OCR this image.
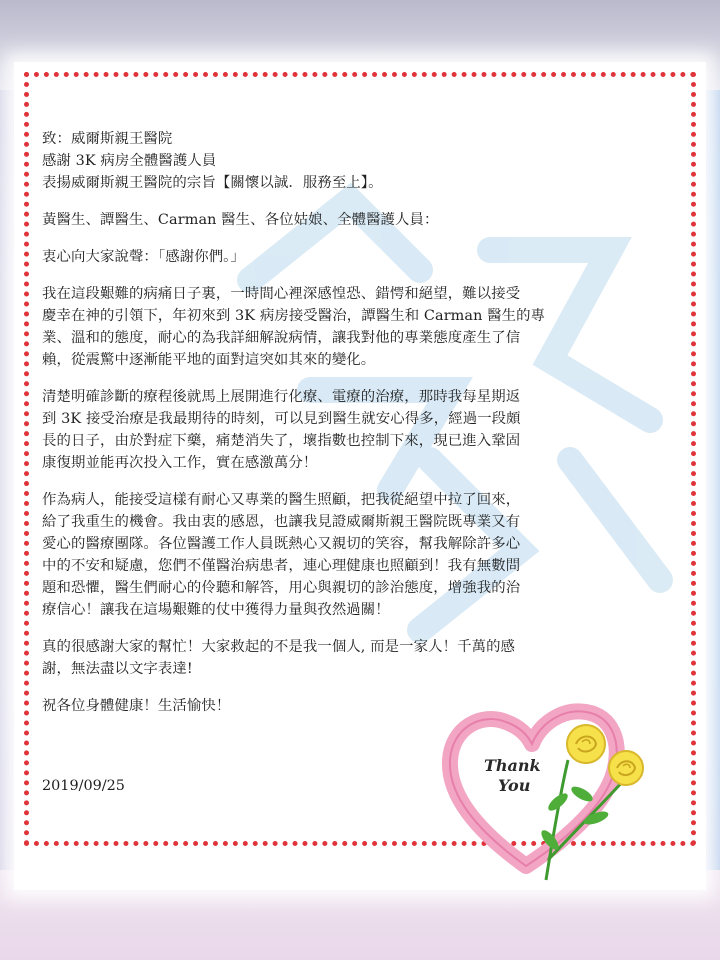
致：威爾斯親王醫院

感謝 3K 病房全體醫護人員

表揚威爾斯親王醫院的宗旨【關懷以誠．服務至上】。

黃醫生、譚醫生、Carman 醫生、各位姑娘、全體醫護人員：

衷心向大家說聲：「感謝你們。」

我在這段艱難的病痛日子裏，一時間心裡深感惶恐、錯愕和絕望，難以接受

慶幸在神的引領下，年初來到 3K 病房接受醫治，譚醫生和 Carman 醫生的專

業、溫和的態度，耐心的為我詳細解說病情，讓我對他的專業態度產生了信

賴，從震驚中逐漸能平地的面對這突如其來的變化。

清楚明確診斷的療程後就馬上展開進行化療、電療的治療，那時我每星期返

到 3K 接受治療是我最期待的時刻，可以見到醫生就安心得多，經過一段頗

長的日子，由於對症下藥，痛楚消失了，壞指數也控制下來，現已進入鞏固

康復期並能再次投入工作，實在感激萬分！

作為病人，能接受這樣有耐心又專業的醫生照顧，把我從絕望中拉了回來，

給了我重生的機會。我由衷的感恩，也讓我見證威爾斯親王醫院既專業又有

愛心的醫療團隊。各位醫護工作人員既熱心又親切的笑容，幫我解除許多心

中的不安和疑慮，您們不僅醫治病患者，連心理健康也照顧到！我有無數問

題和恐懼，醫生們耐心的伶聽和解答，用心與親切的診治態度，增強我的治

療信心！讓我在這場艱難的仗中獲得力量與孜然過關！

真的很感謝大家的幫忙！大家救起的不是我一個人, 而是一家人！千萬的感

謝，無法盡以文字表達!

祝各位身體健康！生活愉快！

2019/09/25
Thank
You
